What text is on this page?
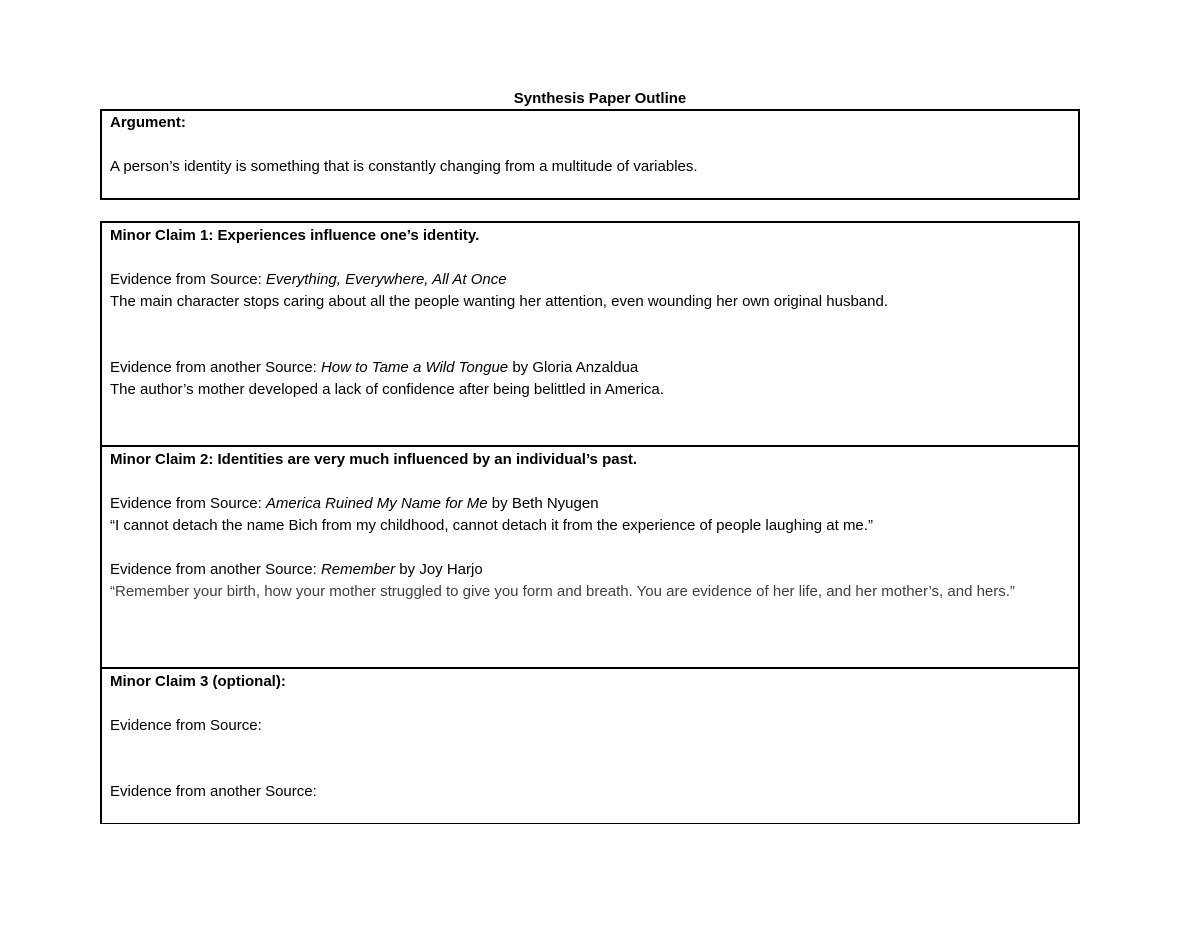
Synthesis Paper Outline
Argument:
A person’s identity is something that is constantly changing from a multitude of variables.
Minor Claim 1: Experiences influence one’s identity.
Evidence from Source: Everything, Everywhere, All At Once
The main character stops caring about all the people wanting her attention, even wounding her own original husband.
Evidence from another Source: How to Tame a Wild Tongue by Gloria Anzaldua
The author’s mother developed a lack of confidence after being belittled in America.
Minor Claim 2: Identities are very much influenced by an individual’s past.
Evidence from Source: America Ruined My Name for Me by Beth Nyugen
“I cannot detach the name Bich from my childhood, cannot detach it from the experience of people laughing at me.”
Evidence from another Source: Remember by Joy Harjo
“Remember your birth, how your mother struggled to give you form and breath. You are evidence of her life, and her mother’s, and hers.”
Minor Claim 3 (optional):
Evidence from Source:
Evidence from another Source:
